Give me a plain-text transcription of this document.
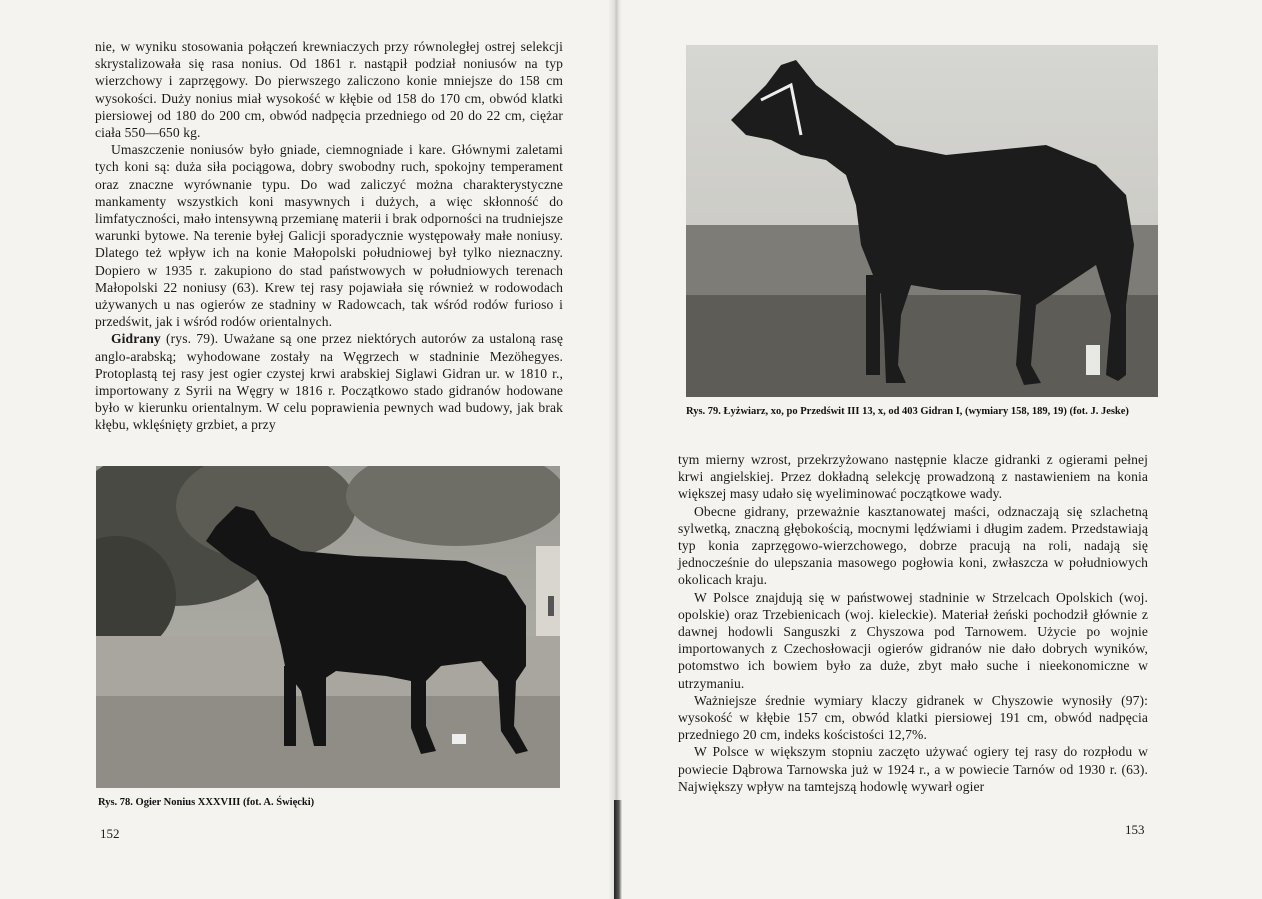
nie, w wyniku stosowania połączeń krewniaczych przy równoległej ostrej selekcji skrystalizowała się rasa nonius. Od 1861 r. nastąpił podział noniusów na typ wierzchowy i zaprzęgowy. Do pierwszego zaliczono konie mniejsze do 158 cm wysokości. Duży nonius miał wysokość w kłębie od 158 do 170 cm, obwód klatki piersiowej od 180 do 200 cm, obwód nadpęcia przedniego od 20 do 22 cm, ciężar ciała 550—650 kg.

Umaszczenie noniusów było gniade, ciemnogniade i kare. Głównymi zaletami tych koni są: duża siła pociągowa, dobry swobodny ruch, spokojny temperament oraz znaczne wyrównanie typu. Do wad zaliczyć można charakterystyczne mankamenty wszystkich koni masywnych i dużych, a więc skłonność do limfatyczności, mało intensywną przemianę materii i brak odporności na trudniejsze warunki bytowe. Na terenie byłej Galicji sporadycznie występowały małe noniusy. Dlatego też wpływ ich na konie Małopolski południowej był tylko nieznaczny. Dopiero w 1935 r. zakupiono do stad państwowych w południowych terenach Małopolski 22 noniusy (63). Krew tej rasy pojawiała się również w rodowodach używanych u nas ogierów ze stadniny w Radowcach, tak wśród rodów furioso i przedświt, jak i wśród rodów orientalnych.

Gidrany (rys. 79). Uważane są one przez niektórych autorów za ustaloną rasę anglo-arabską; wyhodowane zostały na Węgrzech w stadninie Mezöhegyes. Protoplastą tej rasy jest ogier czystej krwi arabskiej Siglawi Gidran ur. w 1810 r., importowany z Syrii na Węgry w 1816 r. Początkowo stado gidranów hodowane było w kierunku orientalnym. W celu poprawienia pewnych wad budowy, jak brak kłębu, wklęśnięty grzbiet, a przy

Rys. 78. Ogier Nonius XXXVIII (fot. A. Święcki)
152
Rys. 79. Łyżwiarz, xo, po Przedświt III 13, x, od 403 Gidran I, (wymiary 158, 189, 19) (fot. J. Jeske)

tym mierny wzrost, przekrzyżowano następnie klacze gidranki z ogierami pełnej krwi angielskiej. Przez dokładną selekcję prowadzoną z nastawieniem na konia większej masy udało się wyeliminować początkowe wady.

Obecne gidrany, przeważnie kasztanowatej maści, odznaczają się szlachetną sylwetką, znaczną głębokością, mocnymi lędźwiami i długim zadem. Przedstawiają typ konia zaprzęgowo-wierzchowego, dobrze pracują na roli, nadają się jednocześnie do ulepszania masowego pogłowia koni, zwłaszcza w południowych okolicach kraju.

W Polsce znajdują się w państwowej stadninie w Strzelcach Opolskich (woj. opolskie) oraz Trzebienicach (woj. kieleckie). Materiał żeński pochodził głównie z dawnej hodowli Sanguszki z Chyszowa pod Tarnowem. Użycie po wojnie importowanych z Czechosłowacji ogierów gidranów nie dało dobrych wyników, potomstwo ich bowiem było za duże, zbyt mało suche i nieekonomiczne w utrzymaniu.

Ważniejsze średnie wymiary klaczy gidranek w Chyszowie wynosiły (97): wysokość w kłębie 157 cm, obwód klatki piersiowej 191 cm, obwód nadpęcia przedniego 20 cm, indeks kościstości 12,7%.

W Polsce w większym stopniu zaczęto używać ogiery tej rasy do rozpłodu w powiecie Dąbrowa Tarnowska już w 1924 r., a w powiecie Tarnów od 1930 r. (63). Największy wpływ na tamtejszą hodowlę wywarł ogier

153
